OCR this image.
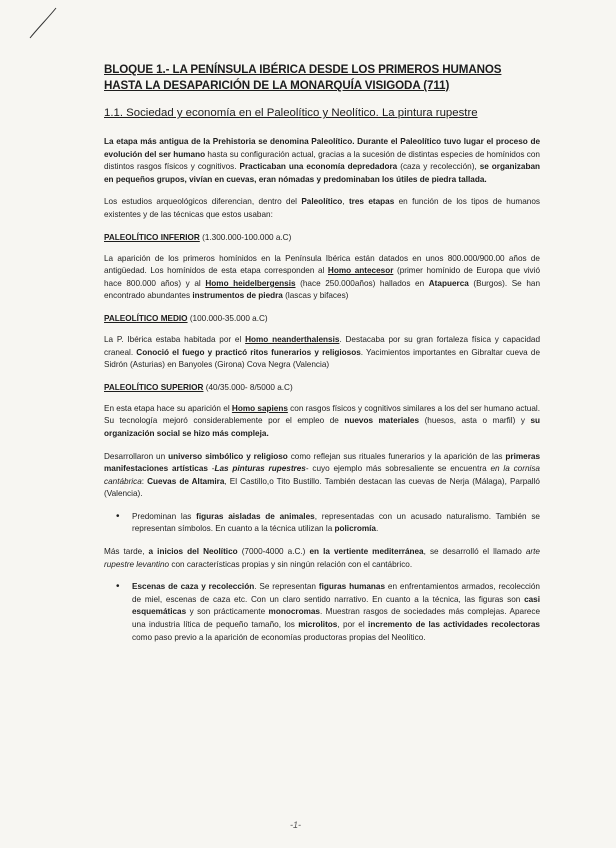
BLOQUE 1.- LA PENÍNSULA IBÉRICA DESDE LOS PRIMEROS HUMANOS HASTA LA DESAPARICIÓN DE LA MONARQUÍA VISIGODA (711)
1.1. Sociedad y economía en el Paleolítico y Neolítico. La pintura rupestre

La etapa más antigua de la Prehistoria se denomina Paleolítico. Durante el Paleolítico tuvo lugar el proceso de evolución del ser humano hasta su configuración actual, gracias a la sucesión de distintas especies de homínidos con distintos rasgos físicos y cognitivos. Practicaban una economía depredadora (caza y recolección), se organizaban en pequeños grupos, vivían en cuevas, eran nómadas y predominaban los útiles de piedra tallada.

Los estudios arqueológicos diferencian, dentro del Paleolítico, tres etapas en función de los tipos de humanos existentes y de las técnicas que estos usaban:

PALEOLÍTICO INFERIOR (1.300.000-100.000 a.C)

La aparición de los primeros homínidos en la Península Ibérica están datados en unos 800.000/900.00 años de antigüedad. Los homínidos de esta etapa corresponden al Homo antecesor (primer homínido de Europa que vivió hace 800.000 años) y al Homo heidelbergensis (hace 250.000años) hallados en Atapuerca (Burgos). Se han encontrado abundantes instrumentos de piedra (lascas y bifaces)

PALEOLÍTICO MEDIO (100.000-35.000 a.C)

La P. Ibérica estaba habitada por el Homo neanderthalensis. Destacaba por su gran fortaleza física y capacidad craneal. Conoció el fuego y practicó ritos funerarios y religiosos. Yacimientos importantes en Gibraltar cueva de Sidrón (Asturias) en Banyoles (Girona) Cova Negra (Valencia)

PALEOLÍTICO SUPERIOR (40/35.000- 8/5000 a.C)

En esta etapa hace su aparición el Homo sapiens con rasgos físicos y cognitivos similares a los del ser humano actual. Su tecnología mejoró considerablemente por el empleo de nuevos materiales (huesos, asta o marfil) y su organización social se hizo más compleja.

Desarrollaron un universo simbólico y religioso como reflejan sus rituales funerarios y la aparición de las primeras manifestaciones artísticas -Las pinturas rupestres- cuyo ejemplo más sobresaliente se encuentra en la cornisa cantábrica: Cuevas de Altamira, El Castillo,o Tito Bustillo. También destacan las cuevas de Nerja (Málaga), Parpalló (Valencia).

• Predominan las figuras aisladas de animales, representadas con un acusado naturalismo. También se representan símbolos. En cuanto a la técnica utilizan la policromía.

Más tarde, a inicios del Neolítico (7000-4000 a.C.) en la vertiente mediterránea, se desarrolló el llamado arte rupestre levantino con características propias y sin ningún relación con el cantábrico.

• Escenas de caza y recolección. Se representan figuras humanas en enfrentamientos armados, recolección de miel, escenas de caza etc. Con un claro sentido narrativo. En cuanto a la técnica, las figuras son casi esquemáticas y son prácticamente monocromas. Muestran rasgos de sociedades más complejas. Aparece una industria lítica de pequeño tamaño, los microlitos, por el incremento de las actividades recolectoras como paso previo a la aparición de economías productoras propias del Neolítico.
-1-
